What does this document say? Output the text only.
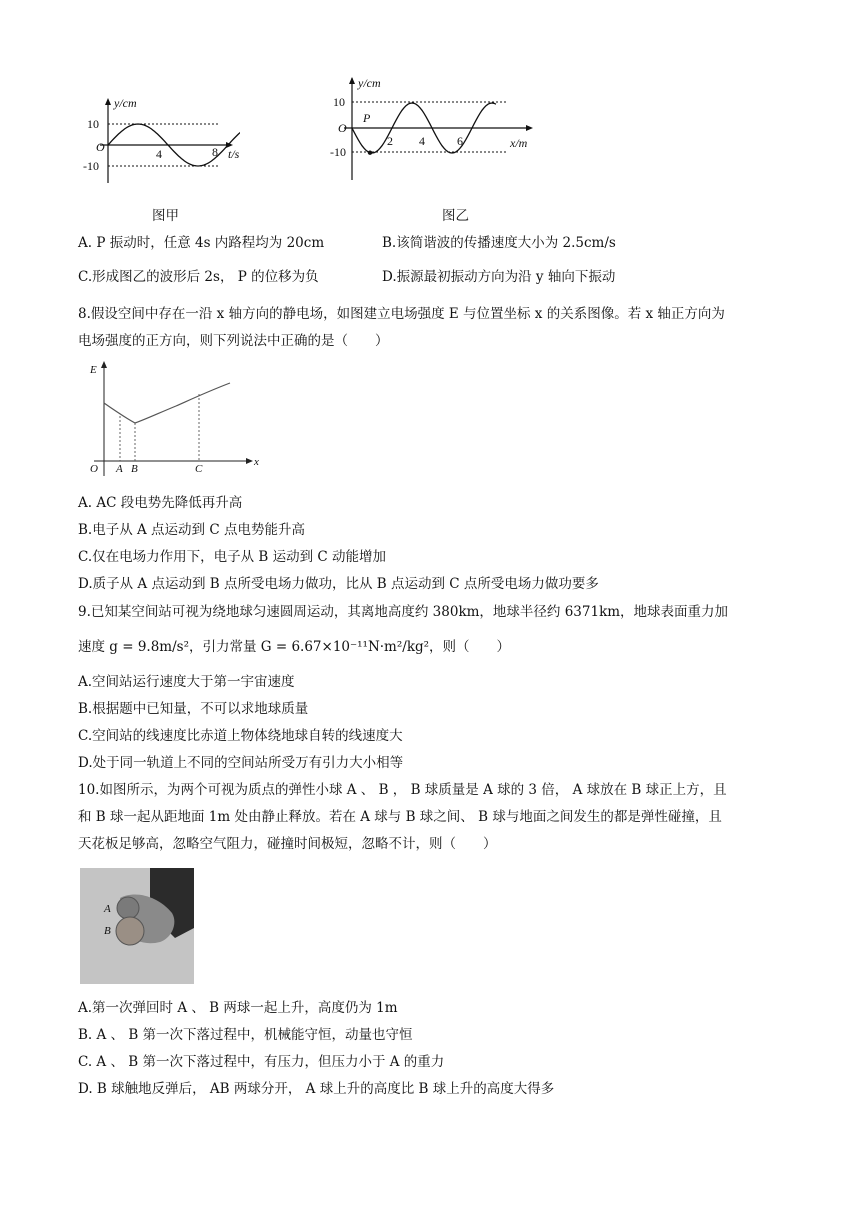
y/cm
10
O
-10
4	8 t/s
图甲
y/cm
10
O
-10
P
2 4	6	x/m
图乙
A. P 振动时，任意 4s 内路程均为 20cm	B.该简谐波的传播速度大小为 2.5cm/s
C.形成图乙的波形后 2s， P 的位移为负	D.振源最初振动方向为沿 y 轴向下振动
8.假设空间中存在一沿 x 轴方向的静电场，如图建立电场强度 E 与位置坐标 x 的关系图像。若 x 轴正方向为
电场强度的正方向，则下列说法中正确的是（　　）
E
O A B	C
x
A. AC 段电势先降低再升高
B.电子从 A 点运动到 C 点电势能升高
C.仅在电场力作用下，电子从 B 运动到 C 动能增加
D.质子从 A 点运动到 B 点所受电场力做功，比从 B 点运动到 C 点所受电场力做功要多
9.已知某空间站可视为绕地球匀速圆周运动，其离地高度约 380km，地球半径约 6371km，地球表面重力加
速度 g = 9.8m/s²，引力常量 G = 6.67×10⁻¹¹N·m²/kg²，则（　　）
A.空间站运行速度大于第一宇宙速度
B.根据题中已知量，不可以求地球质量
C.空间站的线速度比赤道上物体绕地球自转的线速度大
D.处于同一轨道上不同的空间站所受万有引力大小相等
10.如图所示，为两个可视为质点的弹性小球 A 、 B ， B 球质量是 A 球的 3 倍， A 球放在 B 球正上方，且
和 B 球一起从距地面 1m 处由静止释放。若在 A 球与 B 球之间、 B 球与地面之间发生的都是弹性碰撞，且
天花板足够高，忽略空气阻力，碰撞时间极短，忽略不计，则（　　）
A
B
A.第一次弹回时 A 、 B 两球一起上升，高度仍为 1m
B. A 、 B 第一次下落过程中，机械能守恒，动量也守恒
C. A 、 B 第一次下落过程中，有压力，但压力小于 A 的重力
D. B 球触地反弹后， AB 两球分开， A 球上升的高度比 B 球上升的高度大得多
